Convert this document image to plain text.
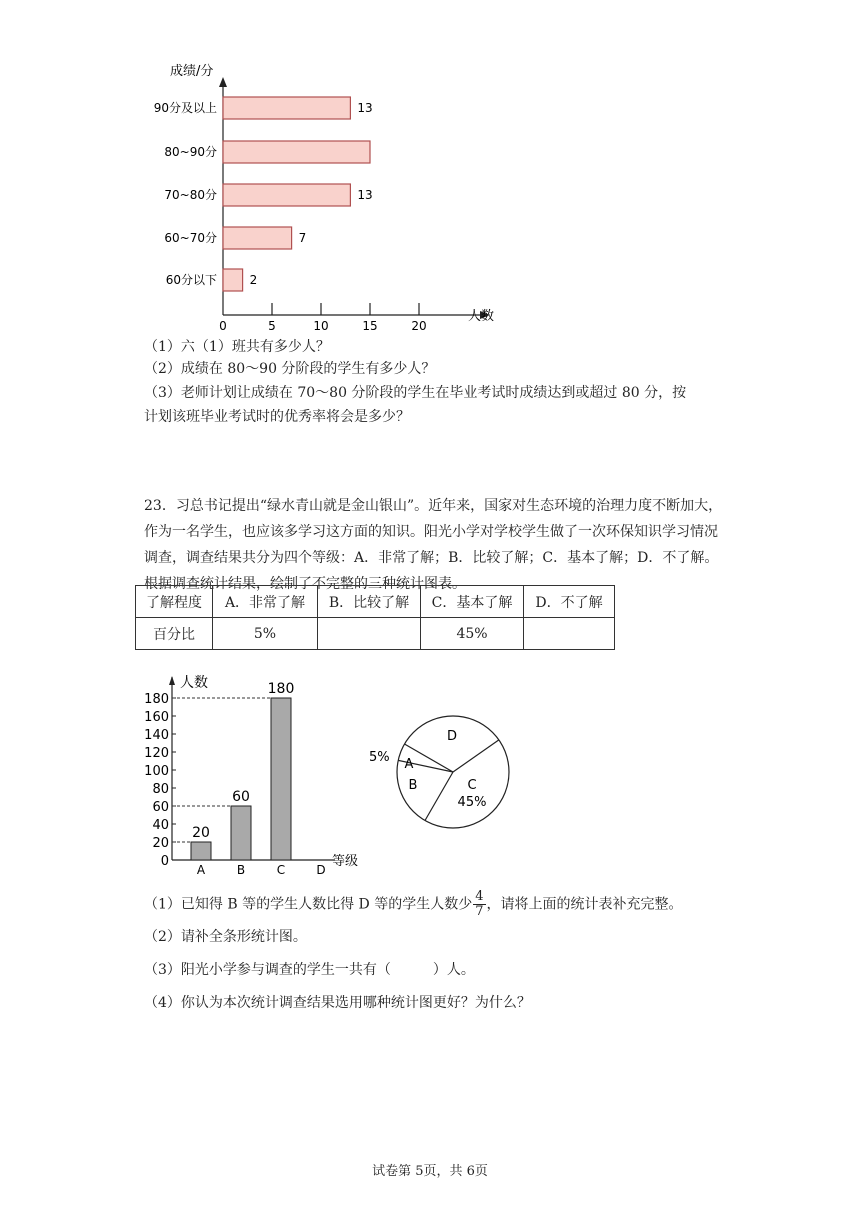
成绩/分
人数
90分及以上	13
80~90分
70~80分	13
60~70分	7
60分以下	2
0	5	10	15	20
（1）六（1）班共有多少人？
（2）成绩在 80～90 分阶段的学生有多少人？
（3）老师计划让成绩在 70～80 分阶段的学生在毕业考试时成绩达到或超过 80 分，按
计划该班毕业考试时的优秀率将会是多少？
23．习总书记提出“绿水青山就是金山银山”。近年来，国家对生态环境的治理力度不断加大，作为一名学生，也应该多学习这方面的知识。阳光小学对学校学生做了一次环保知识学习情况调查，调查结果共分为四个等级：A．非常了解；B．比较了解；C．基本了解；D．不了解。根据调查统计结果，绘制了不完整的三种统计图表。
了解程度	A．非常了解	B．比较了解	C．基本了解	D．不了解
百分比	5%		45%	
人数
等级
0
20
40
60
80
100
120
140
160
180
20
A
60
B
180
C	D
A
B	C
D
5%
45%
（1）已知得 B 等的学生人数比得 D 等的学生人数少 $\frac{4}{7}$ ，请将上面的统计表补充完整。
（2）请补全条形统计图。
（3）阳光小学参与调查的学生一共有（　　　）人。
（4）你认为本次统计调查结果选用哪种统计图更好？为什么？
试卷第 5页，共 6页
